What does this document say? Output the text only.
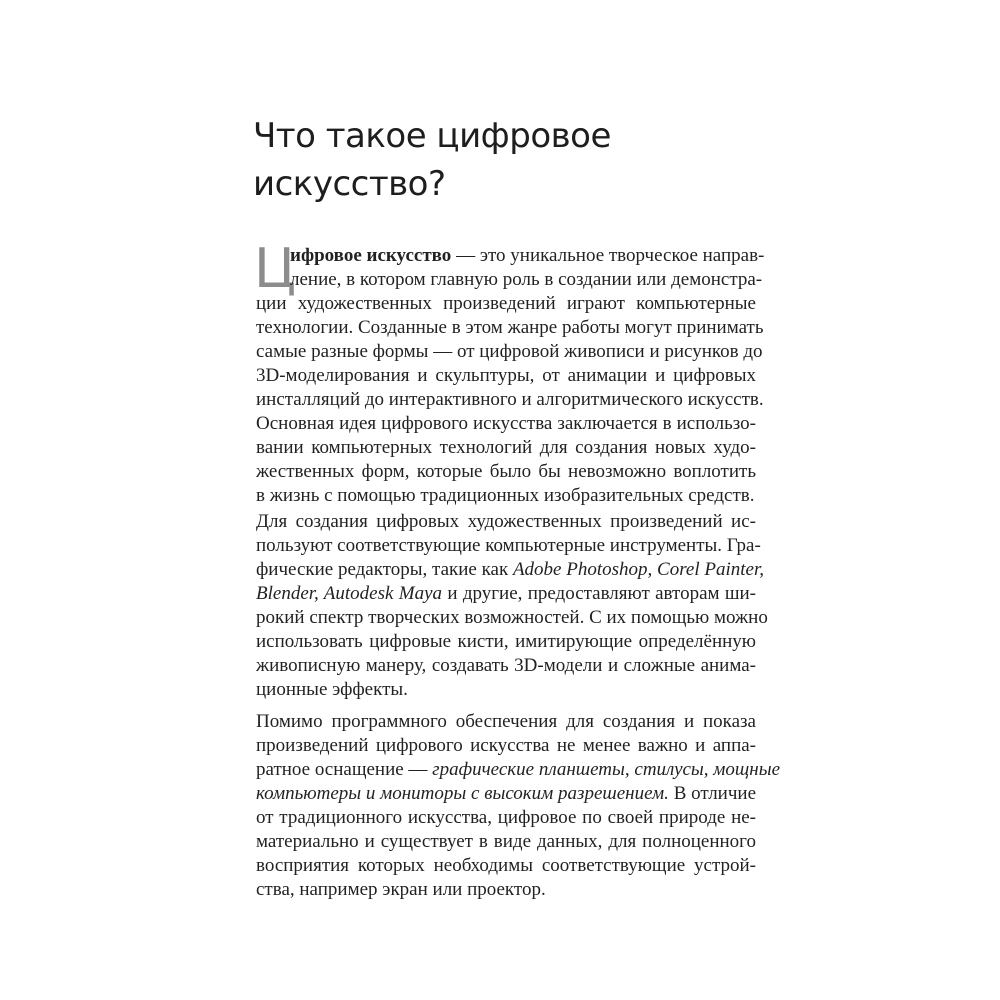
Что такое цифровое
искусство?
Ц

ифровое искусство — это уникальное творческое направ-

ление, в котором главную роль в создании или демонстра-

ции художественных произведений играют компьютерные

технологии. Созданные в этом жанре работы могут принимать

самые разные формы — от цифровой живописи и рисунков до

3D-моделирования и скульптуры, от анимации и цифровых

инсталляций до интерактивного и алгоритмического искусств.

Основная идея цифрового искусства заключается в использо-

вании компьютерных технологий для создания новых худо-

жественных форм, которые было бы невозможно воплотить

в жизнь с помощью традиционных изобразительных средств.

Для создания цифровых художественных произведений ис-

пользуют соответствующие компьютерные инструменты. Гра-

фические редакторы, такие как Adobe Photoshop, Corel Painter,

Blender, Autodesk Maya и другие, предоставляют авторам ши-

рокий спектр творческих возможностей. С их помощью можно

использовать цифровые кисти, имитирующие определённую

живописную манеру, создавать 3D-модели и сложные анима-

ционные эффекты.

Помимо программного обеспечения для создания и показа

произведений цифрового искусства не менее важно и аппа-

ратное оснащение — графические планшеты, стилусы, мощные

компьютеры и мониторы с высоким разрешением. В отличие

от традиционного искусства, цифровое по своей природе не-

материально и существует в виде данных, для полноценного

восприятия которых необходимы соответствующие устрой-

ства, например экран или проектор.
